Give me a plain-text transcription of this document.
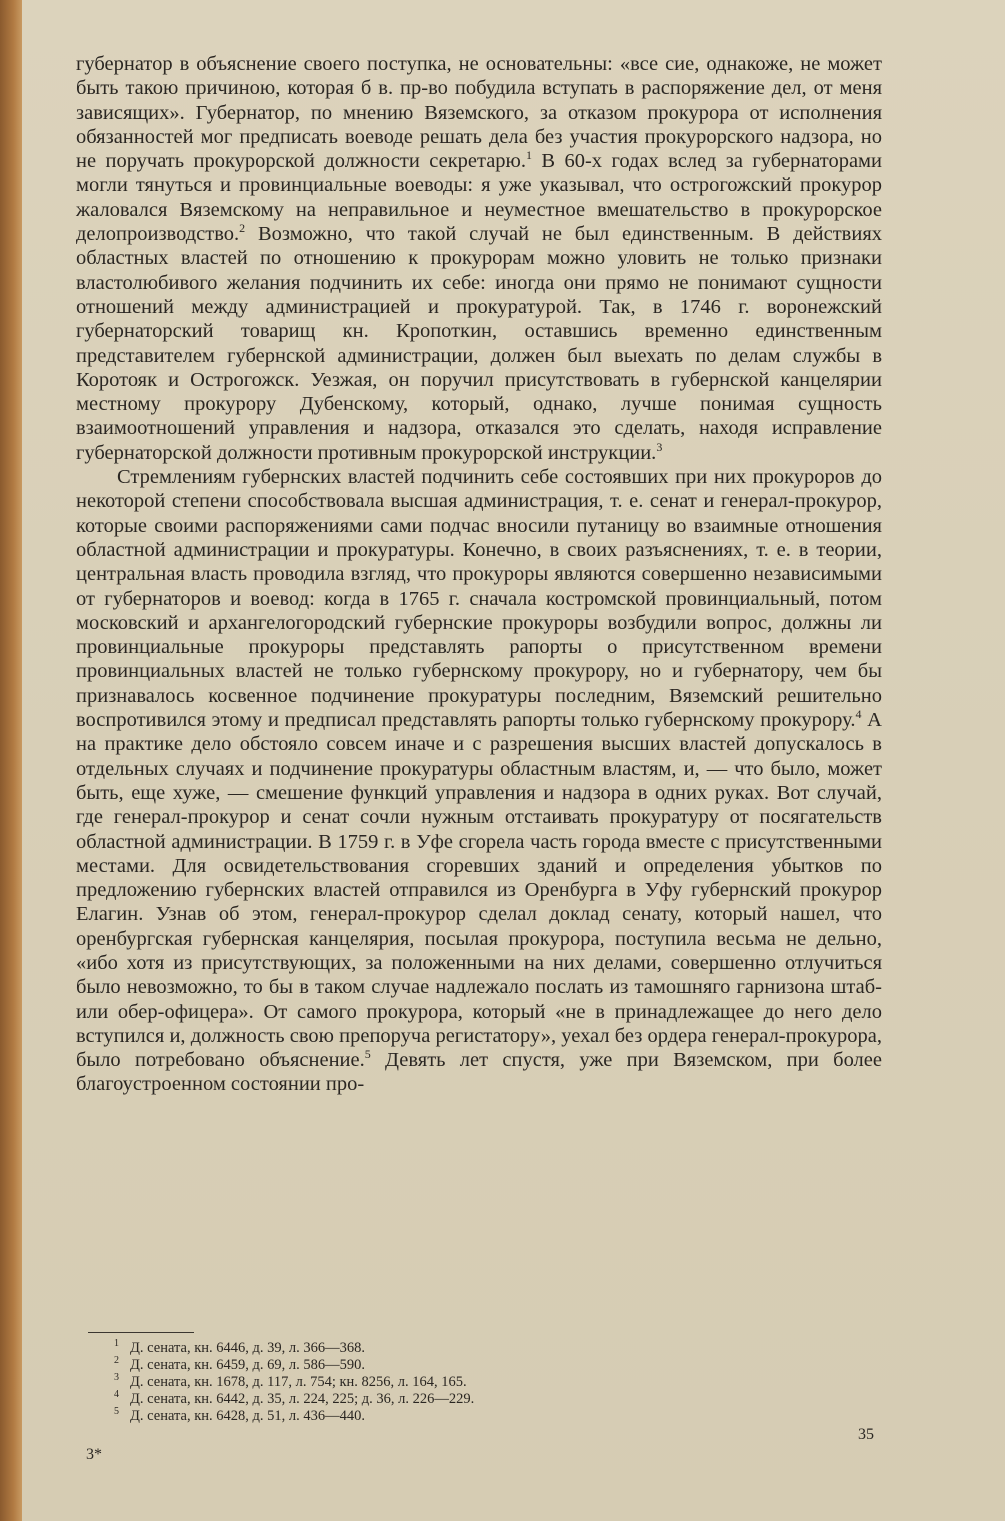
губернатор в объяснение своего поступка, не основательны: «все сие, однакоже, не может быть такою причиною, которая б в. пр-во побудила вступать в распоряжение дел, от меня зависящих». Губернатор, по мнению Вяземского, за отказом прокурора от исполнения обязанностей мог предписать воеводе решать дела без участия прокурорского надзора, но не поручать прокурорской должности секретарю.$^1$ В 60-х годах вслед за губернаторами могли тянуться и провинциальные воеводы: я уже указывал, что острогожский прокурор жаловался Вяземскому на неправильное и неуместное вмешательство в прокурорское делопроизводство.$^2$ Возможно, что такой случай не был единственным. В действиях областных властей по отношению к прокурорам можно уловить не только признаки властолюбивого желания подчинить их себе: иногда они прямо не понимают сущности отношений между администрацией и прокуратурой. Так, в 1746 г. воронежский губернаторский товарищ кн. Кропоткин, оставшись временно единственным представителем губернской администрации, должен был выехать по делам службы в Коротояк и Острогожск. Уезжая, он поручил присутствовать в губернской канцелярии местному прокурору Дубенскому, который, однако, лучше понимая сущность взаимоотношений управления и надзора, отказался это сделать, находя исправление губернаторской должности противным прокурорской инструкции.$^3$

Стремлениям губернских властей подчинить себе состоявших при них прокуроров до некоторой степени способствовала высшая администрация, т. е. сенат и генерал-прокурор, которые своими распоряжениями сами подчас вносили путаницу во взаимные отношения областной администрации и прокуратуры. Конечно, в своих разъяснениях, т. е. в теории, центральная власть проводила взгляд, что прокуроры являются совершенно независимыми от губернаторов и воевод: когда в 1765 г. сначала костромской провинциальный, потом московский и архангелогородский губернские прокуроры возбудили вопрос, должны ли провинциальные прокуроры представлять рапорты о присутственном времени провинциальных властей не только губернскому прокурору, но и губернатору, чем бы признавалось косвенное подчинение прокуратуры последним, Вяземский решительно воспротивился этому и предписал представлять рапорты только губернскому прокурору.$^4$ А на практике дело обстояло совсем иначе и с разрешения высших властей допускалось в отдельных случаях и подчинение прокуратуры областным властям, и, — что было, может быть, еще хуже, — смешение функций управления и надзора в одних руках. Вот случай, где генерал-прокурор и сенат сочли нужным отстаивать прокуратуру от посягательств областной администрации. В 1759 г. в Уфе сгорела часть города вместе с присутственными местами. Для освидетельствования сгоревших зданий и определения убытков по предложению губернских властей отправился из Оренбурга в Уфу губернский прокурор Елагин. Узнав об этом, генерал-прокурор сделал доклад сенату, который нашел, что оренбургская губернская канцелярия, посылая прокурора, поступила весьма не дельно, «ибо хотя из присутствующих, за положенными на них делами, совершенно отлучиться было невозможно, то бы в таком случае надлежало послать из тамошняго гарнизона штаб- или обер-офицера». От самого прокурора, который «не в принадлежащее до него дело вступился и, должность свою препоруча регистатору», уехал без ордера генерал-прокурора, было потребовано объяснение.$^5$ Девять лет спустя, уже при Вяземском, при более благоустроенном состоянии про-

1 Д. сената, кн. 6446, д. 39, л. 366—368.
2 Д. сената, кн. 6459, д. 69, л. 586—590.
3 Д. сената, кн. 1678, д. 117, л. 754; кн. 8256, л. 164, 165.
4 Д. сената, кн. 6442, д. 35, л. 224, 225; д. 36, л. 226—229.
5 Д. сената, кн. 6428, д. 51, л. 436—440.
3*
35
